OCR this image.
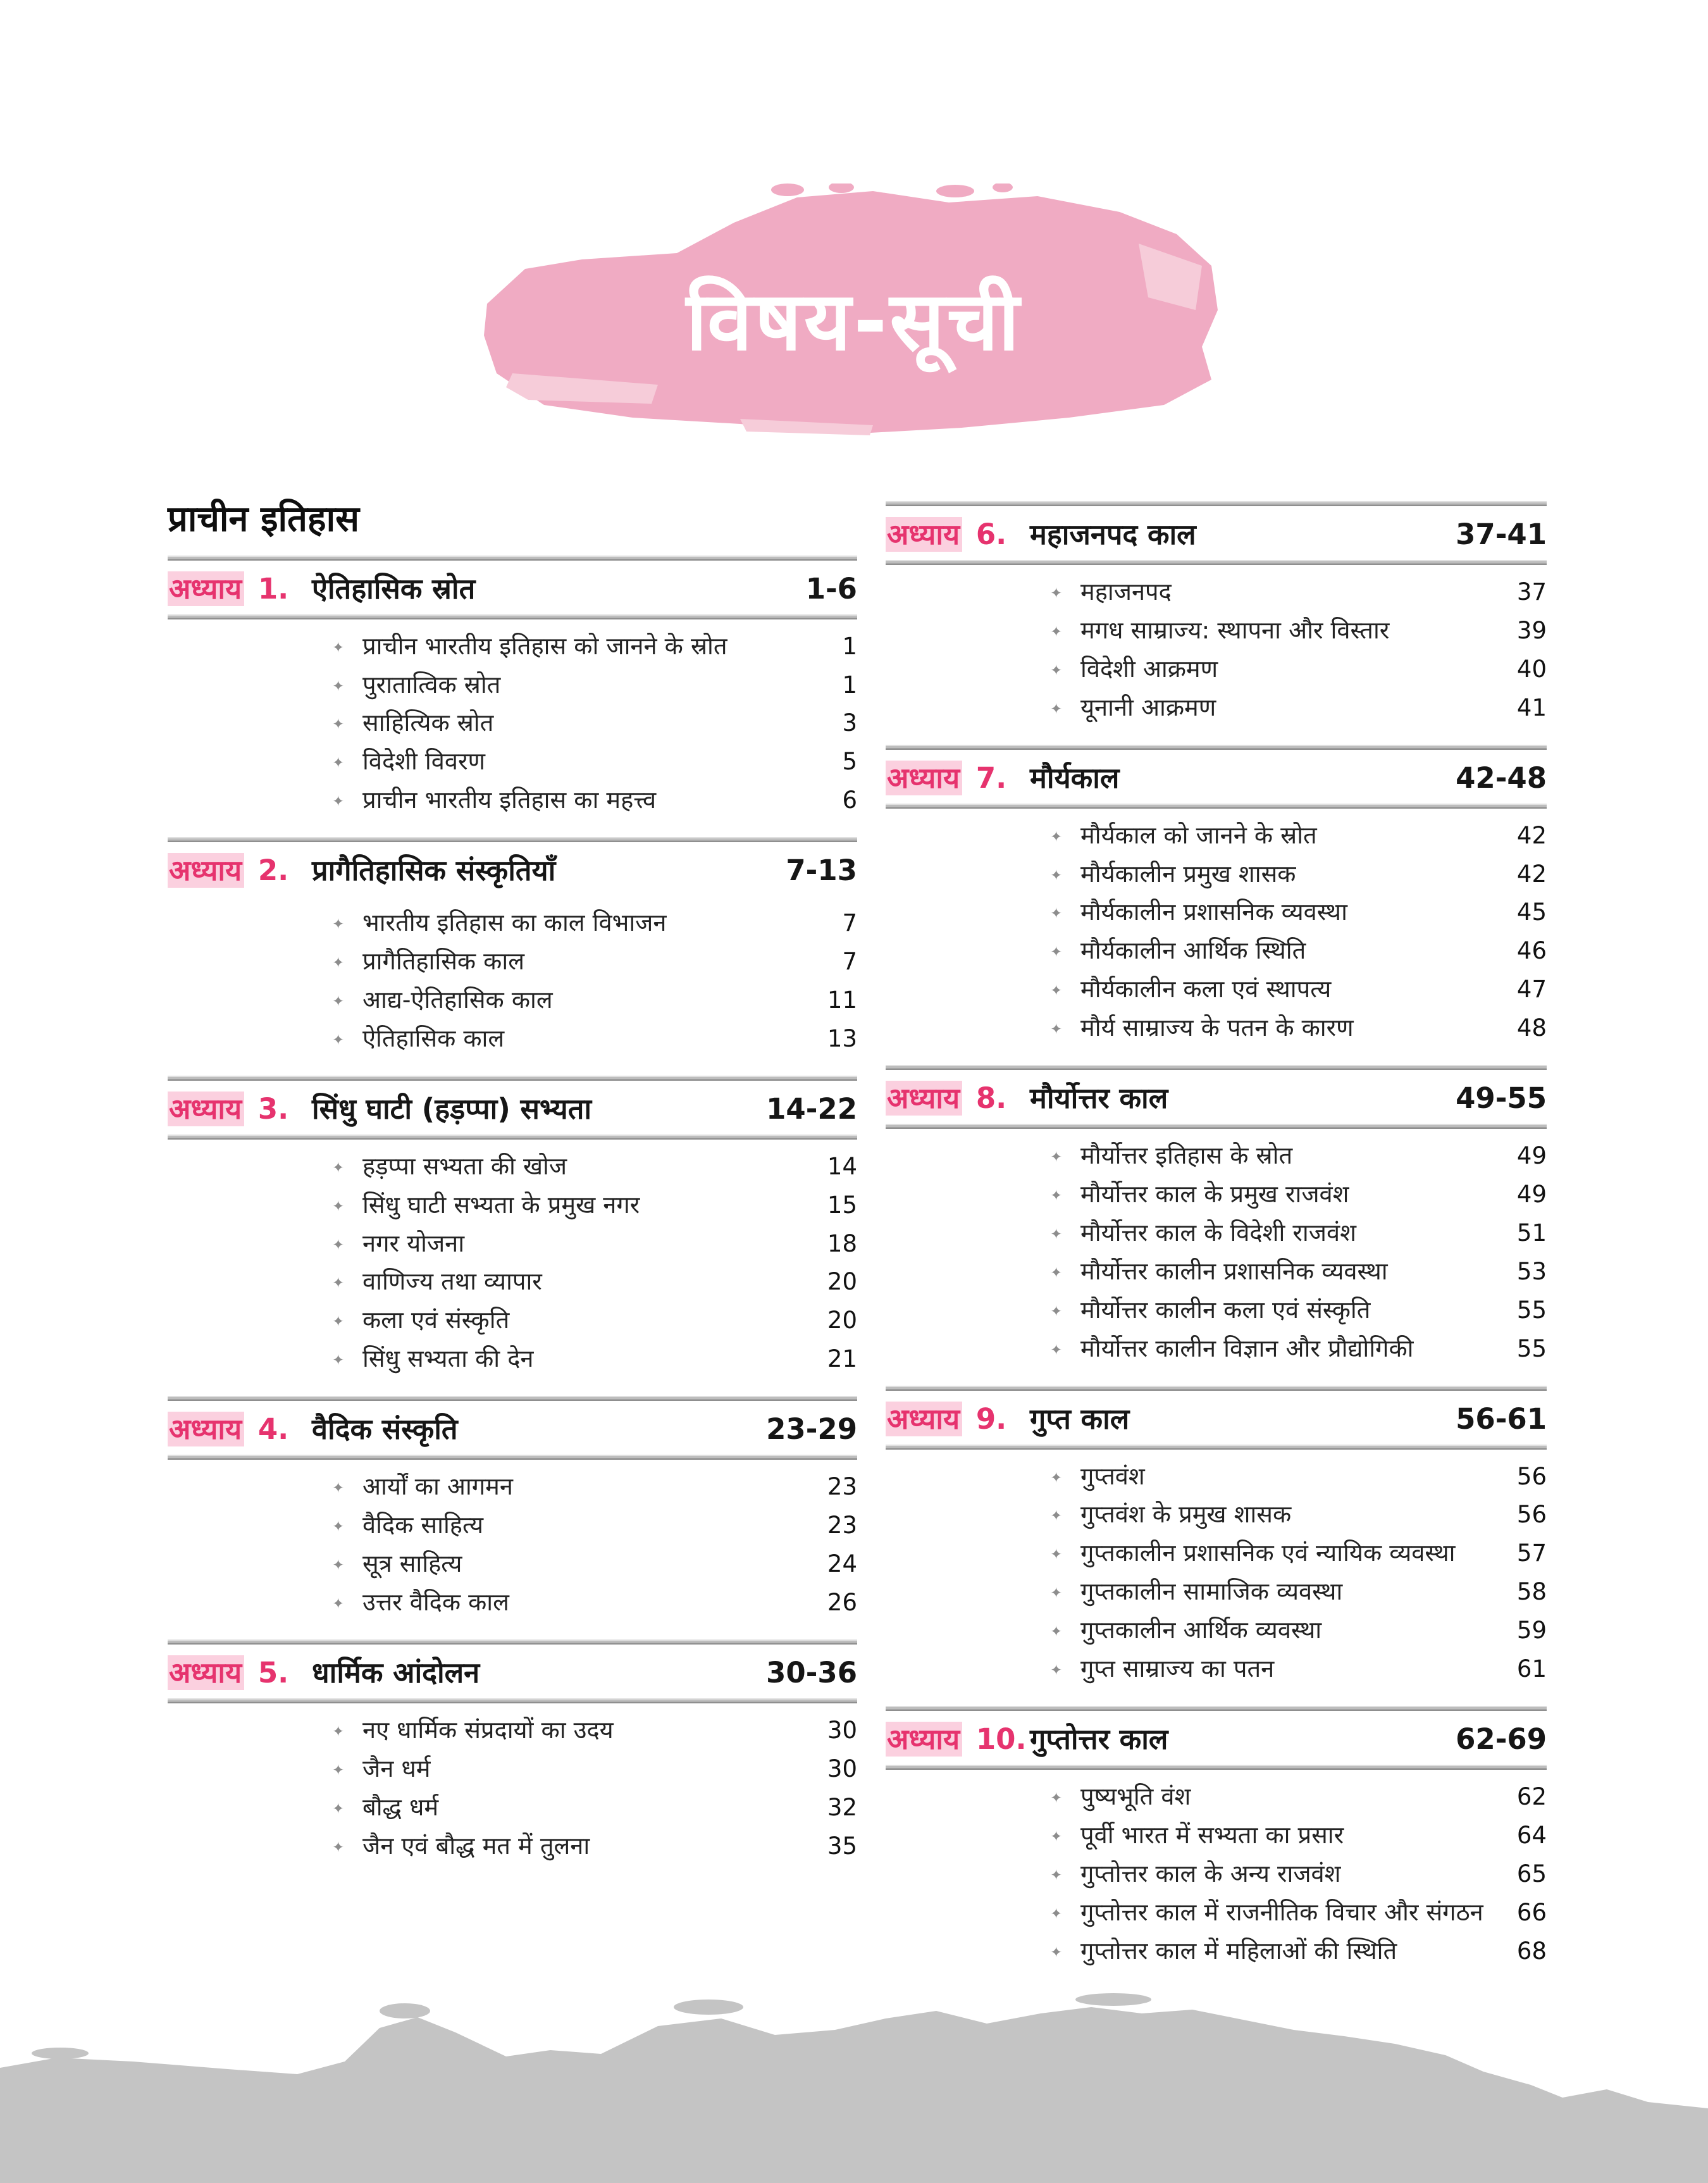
विषय-सूची
प्राचीन इतिहास
अध्याय 1. ऐतिहासिक स्रोत	1-6
✦ प्राचीन भारतीय इतिहास को जानने के स्रोत	1
✦ पुरातात्विक स्रोत	1
✦ साहित्यिक स्रोत	3
✦ विदेशी विवरण	5
✦ प्राचीन भारतीय इतिहास का महत्त्व	6
अध्याय 2. प्रागैतिहासिक संस्कृतियाँ	7-13
✦ भारतीय इतिहास का काल विभाजन	7
✦ प्रागैतिहासिक काल	7
✦ आद्य-ऐतिहासिक काल	11
✦ ऐतिहासिक काल	13
अध्याय 3. सिंधु घाटी (हड़प्पा) सभ्यता	14-22
✦ हड़प्पा सभ्यता की खोज	14
✦ सिंधु घाटी सभ्यता के प्रमुख नगर	15
✦ नगर योजना	18
✦ वाणिज्य तथा व्यापार	20
✦ कला एवं संस्कृति	20
✦ सिंधु सभ्यता की देन	21
अध्याय 4. वैदिक संस्कृति	23-29
✦ आर्यों का आगमन	23
✦ वैदिक साहित्य	23
✦ सूत्र साहित्य	24
✦ उत्तर वैदिक काल	26
अध्याय 5. धार्मिक आंदोलन	30-36
✦ नए धार्मिक संप्रदायों का उदय	30
✦ जैन धर्म	30
✦ बौद्ध धर्म	32
✦ जैन एवं बौद्ध मत में तुलना	35
अध्याय 6. महाजनपद काल	37-41
✦ महाजनपद	37
✦ मगध साम्राज्य: स्थापना और विस्तार	39
✦ विदेशी आक्रमण	40
✦ यूनानी आक्रमण	41
अध्याय 7. मौर्यकाल	42-48
✦ मौर्यकाल को जानने के स्रोत	42
✦ मौर्यकालीन प्रमुख शासक	42
✦ मौर्यकालीन प्रशासनिक व्यवस्था	45
✦ मौर्यकालीन आर्थिक स्थिति	46
✦ मौर्यकालीन कला एवं स्थापत्य	47
✦ मौर्य साम्राज्य के पतन के कारण	48
अध्याय 8. मौर्योत्तर काल	49-55
✦ मौर्योत्तर इतिहास के स्रोत	49
✦ मौर्योत्तर काल के प्रमुख राजवंश	49
✦ मौर्योत्तर काल के विदेशी राजवंश	51
✦ मौर्योत्तर कालीन प्रशासनिक व्यवस्था	53
✦ मौर्योत्तर कालीन कला एवं संस्कृति	55
✦ मौर्योत्तर कालीन विज्ञान और प्रौद्योगिकी	55
अध्याय 9. गुप्त काल	56-61
✦ गुप्तवंश	56
✦ गुप्तवंश के प्रमुख शासक	56
✦ गुप्तकालीन प्रशासनिक एवं न्यायिक व्यवस्था	57
✦ गुप्तकालीन सामाजिक व्यवस्था	58
✦ गुप्तकालीन आर्थिक व्यवस्था	59
✦ गुप्त साम्राज्य का पतन	61
अध्याय 10. गुप्तोत्तर काल	62-69
✦ पुष्यभूति वंश	62
✦ पूर्वी भारत में सभ्यता का प्रसार	64
✦ गुप्तोत्तर काल के अन्य राजवंश	65
✦ गुप्तोत्तर काल में राजनीतिक विचार और संगठन	66
✦ गुप्तोत्तर काल में महिलाओं की स्थिति	68
